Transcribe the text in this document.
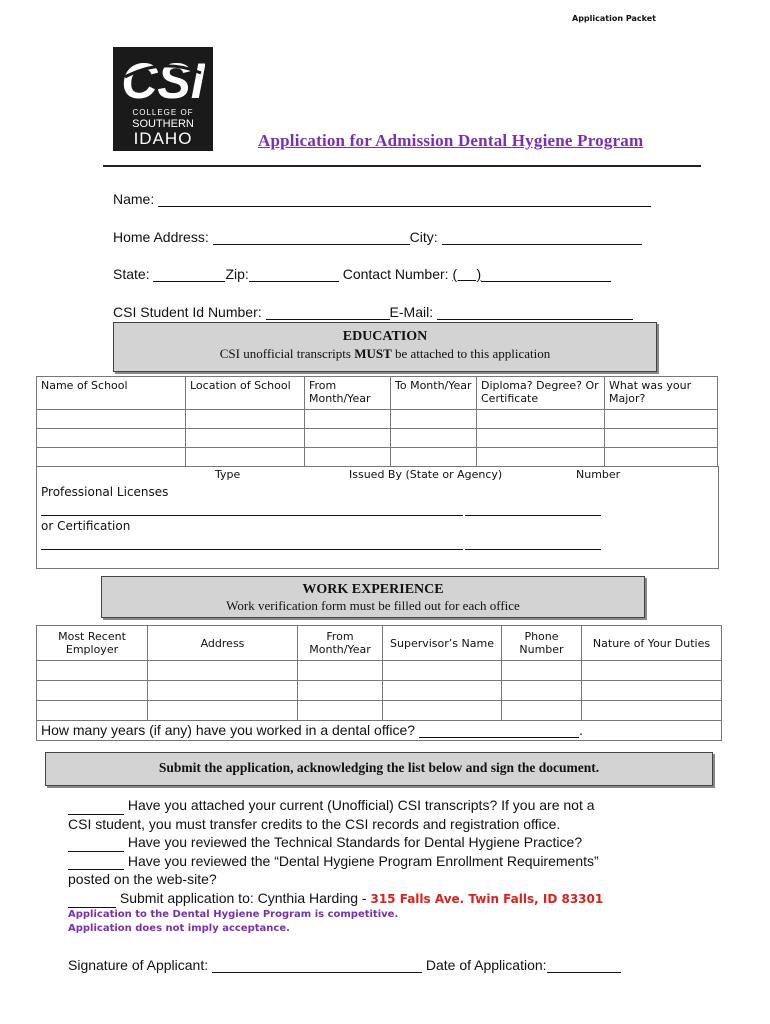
Application Packet
CSI
COLLEGE OF
SOUTHERN
IDAHO	Application for Admission Dental Hygiene Program
Name:
Home Address:	City:
State:	Zip:	Contact Number: (     )
CSI Student Id Number:	E-Mail:
EDUCATION
CSI unofficial transcripts MUST be attached to this application
Name of School	Location of School	From Month/Year	To Month/Year	Diploma? Degree? Or Certificate	What was your Major?

Type	Issued By (State or Agency)	Number
Professional Licenses
or Certification
WORK EXPERIENCE
Work verification form must be filled out for each office
Most Recent Employer	Address	From Month/Year	Supervisor’s Name	Phone Number	Nature of Your Duties

How many years (if any) have you worked in a dental office? .					
Submit the application, acknowledging the list below and sign the document.
Have you attached your current (Unofficial) CSI transcripts? If you are not a
CSI student, you must transfer credits to the CSI records and registration office.
Have you reviewed the Technical Standards for Dental Hygiene Practice?
Have you reviewed the “Dental Hygiene Program Enrollment Requirements”
posted on the web-site?
Submit application to: Cynthia Harding - 315 Falls Ave. Twin Falls, ID 83301
Application to the Dental Hygiene Program is competitive.
Application does not imply acceptance.
Signature of Applicant:	Date of Application:
